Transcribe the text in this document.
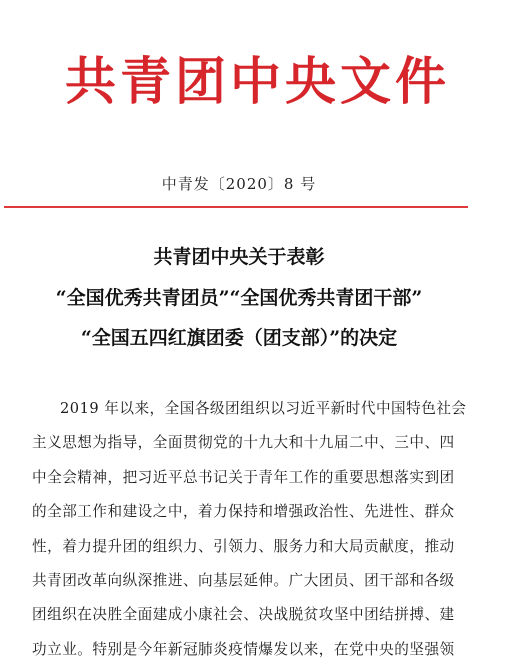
共青团中央文件
中青发〔2020〕8 号
共青团中央关于表彰
“全国优秀共青团员”“全国优秀共青团干部”
“全国五四红旗团委（团支部）”的决定
2019 年以来，全国各级团组织以习近平新时代中国特色社会
主义思想为指导，全面贯彻党的十九大和十九届二中、三中、四
中全会精神，把习近平总书记关于青年工作的重要思想落实到团
的全部工作和建设之中，着力保持和增强政治性、先进性、群众
性，着力提升团的组织力、引领力、服务力和大局贡献度，推动
共青团改革向纵深推进、向基层延伸。广大团员、团干部和各级
团组织在决胜全面建成小康社会、决战脱贫攻坚中团结拼搏、建
功立业。特别是今年新冠肺炎疫情爆发以来，在党中央的坚强领
